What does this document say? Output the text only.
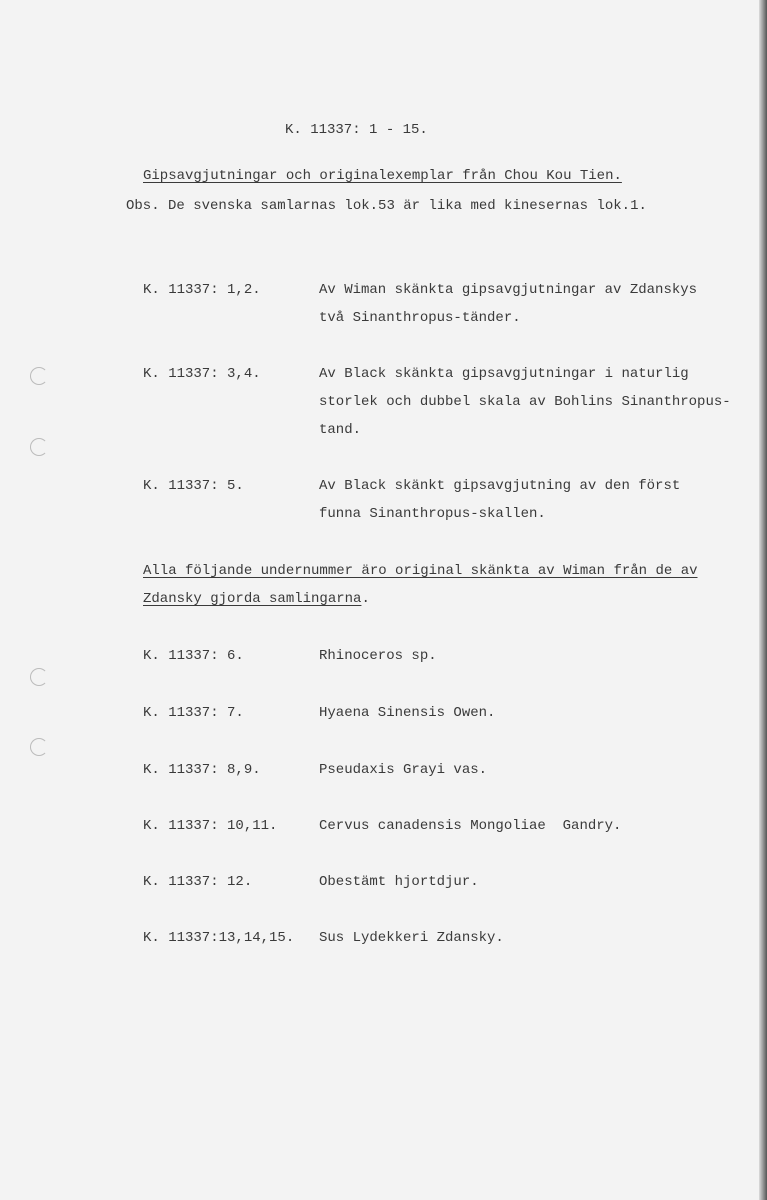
K. 11337: 1 - 15.
Gipsavgjutningar och originalexemplar från Chou Kou Tien.
Obs. De svenska samlarnas lok.53 är lika med kinesernas lok.1.
K. 11337: 1,2.	Av Wiman skänkta gipsavgjutningar av Zdanskys
två Sinanthropus-tänder.
K. 11337: 3,4.	Av Black skänkta gipsavgjutningar i naturlig
storlek och dubbel skala av Bohlins Sinanthropus-
tand.
K. 11337: 5.	Av Black skänkt gipsavgjutning av den först
funna Sinanthropus-skallen.
Alla följande undernummer äro original skänkta av Wiman från de av
Zdansky gjorda samlingarna.
K. 11337: 6.	Rhinoceros sp.
K. 11337: 7.	Hyaena Sinensis Owen.
K. 11337: 8,9.	Pseudaxis Grayi vas.
K. 11337: 10,11.	Cervus canadensis Mongoliae  Gandry.
K. 11337: 12.	Obestämt hjortdjur.
K. 11337:13,14,15. Sus Lydekkeri Zdansky.
